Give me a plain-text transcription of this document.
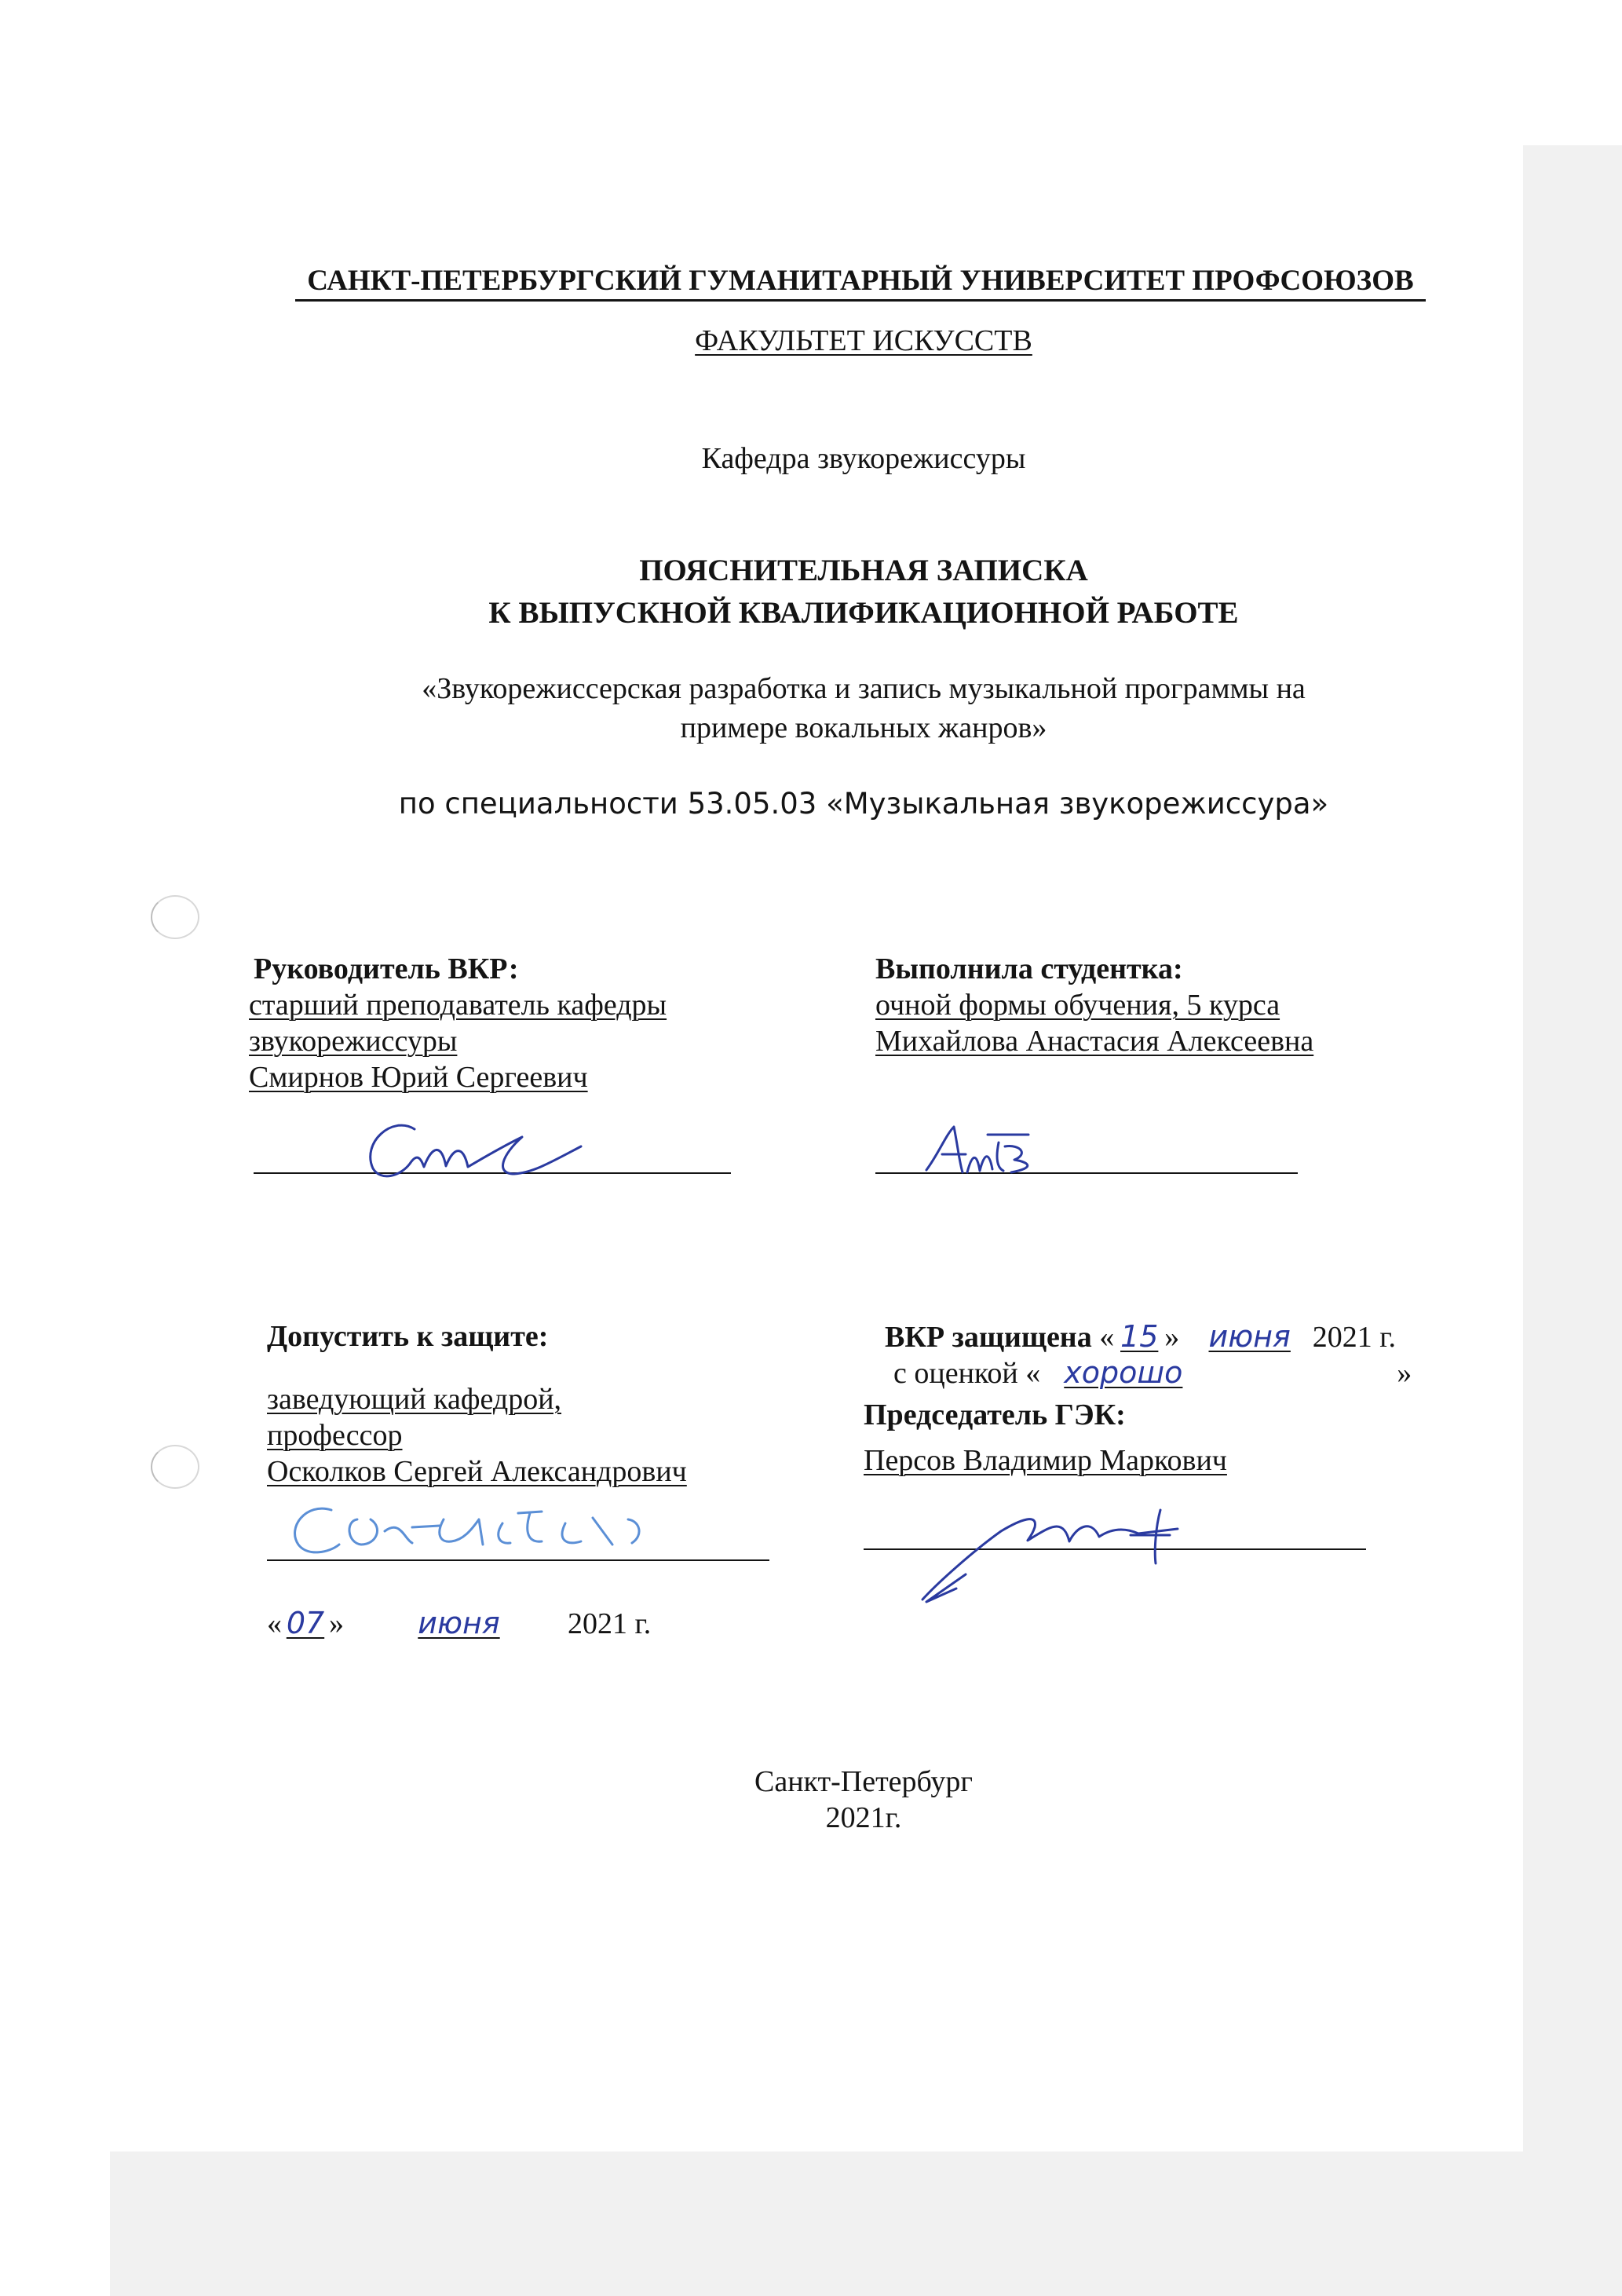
САНКТ-ПЕТЕРБУРГСКИЙ ГУМАНИТАРНЫЙ УНИВЕРСИТЕТ ПРОФСОЮЗОВ
ФАКУЛЬТЕТ ИСКУССТВ
Кафедра звукорежиссуры
ПОЯСНИТЕЛЬНАЯ ЗАПИСКА
К ВЫПУСКНОЙ КВАЛИФИКАЦИОННОЙ РАБОТЕ
«Звукорежиссерская разработка и запись музыкальной программы на
примере вокальных жанров»
по специальности 53.05.03 «Музыкальная звукорежиссура»
Руководитель ВКР:
старший преподаватель кафедры
звукорежиссуры
Смирнов Юрий Сергеевич
Выполнила студентка:
очной формы обучения, 5 курса
Михайлова Анастасия Алексеевна
Допустить к защите:
заведующий кафедрой,
профессор
Осколков Сергей Александрович
« 07 » июня 2021 г.
ВКР защищена « 15 » июня 2021 г.
с оценкой « хорошо	»
Председатель ГЭК:
Персов Владимир Маркович
Санкт-Петербург
2021г.
